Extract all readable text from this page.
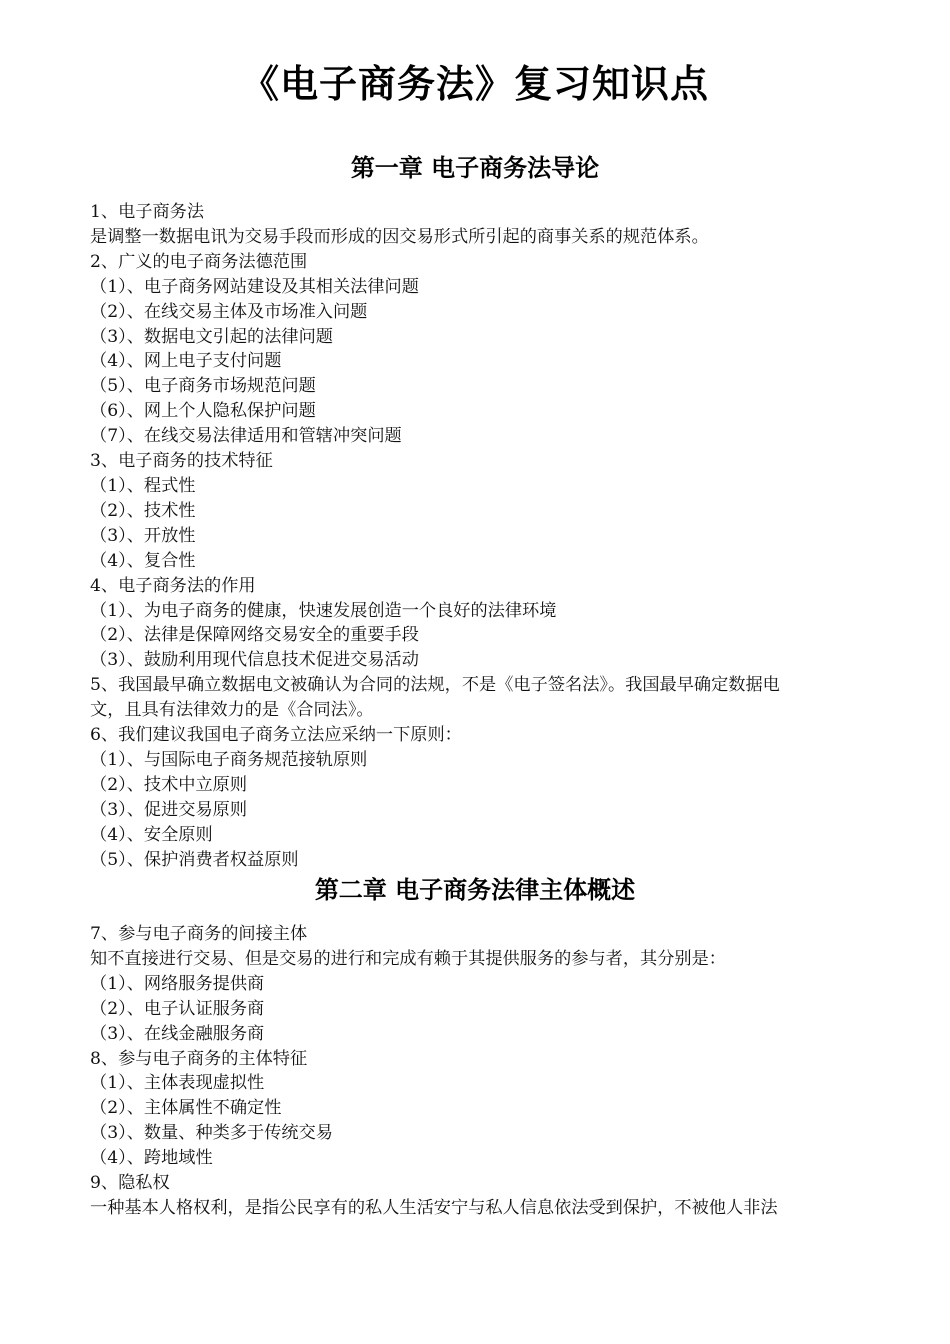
《电子商务法》复习知识点
第一章 电子商务法导论
1、电子商务法
是调整一数据电讯为交易手段而形成的因交易形式所引起的商事关系的规范体系。
2、广义的电子商务法德范围
（1）、电子商务网站建设及其相关法律问题
（2）、在线交易主体及市场准入问题
（3）、数据电文引起的法律问题
（4）、网上电子支付问题
（5）、电子商务市场规范问题
（6）、网上个人隐私保护问题
（7）、在线交易法律适用和管辖冲突问题
3、电子商务的技术特征
（1）、程式性
（2）、技术性
（3）、开放性
（4）、复合性
4、电子商务法的作用
（1）、为电子商务的健康，快速发展创造一个良好的法律环境
（2）、法律是保障网络交易安全的重要手段
（3）、鼓励利用现代信息技术促进交易活动
5、我国最早确立数据电文被确认为合同的法规，不是《电子签名法》。我国最早确定数据电
文，且具有法律效力的是《合同法》。
6、我们建议我国电子商务立法应采纳一下原则：
（1）、与国际电子商务规范接轨原则
（2）、技术中立原则
（3）、促进交易原则
（4）、安全原则
（5）、保护消费者权益原则
第二章 电子商务法律主体概述
7、参与电子商务的间接主体
知不直接进行交易、但是交易的进行和完成有赖于其提供服务的参与者，其分别是：
（1）、网络服务提供商
（2）、电子认证服务商
（3）、在线金融服务商
8、参与电子商务的主体特征
（1）、主体表现虚拟性
（2）、主体属性不确定性
（3）、数量、种类多于传统交易
（4）、跨地域性
9、隐私权
一种基本人格权利，是指公民享有的私人生活安宁与私人信息依法受到保护，不被他人非法
